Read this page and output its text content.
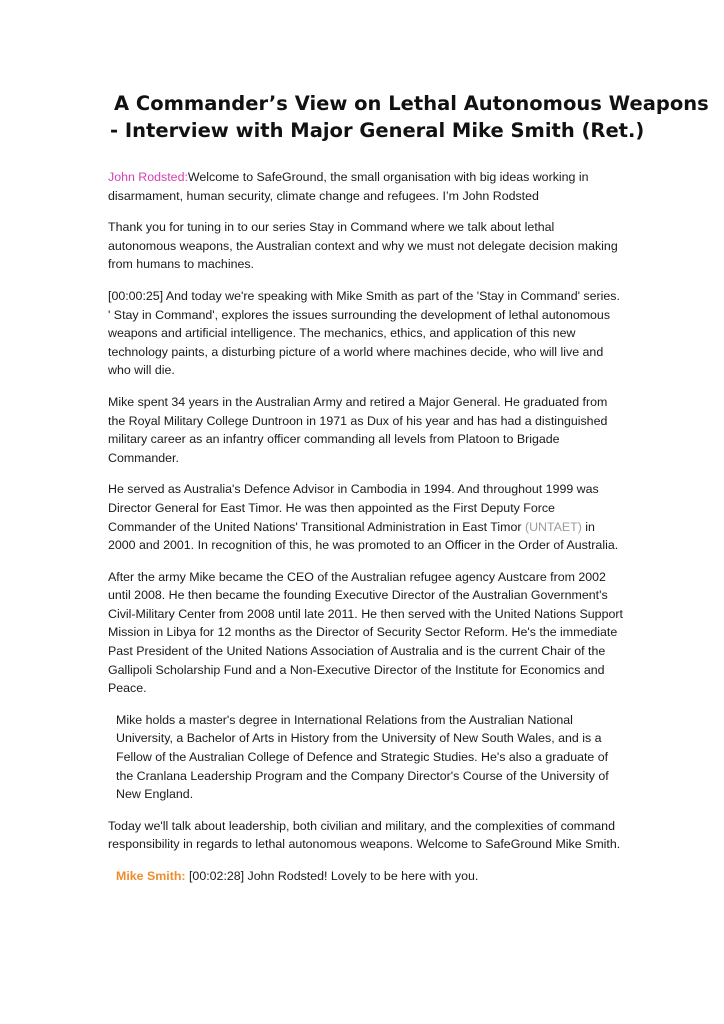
A Commander’s View on Lethal Autonomous Weapons
- Interview with Major General Mike Smith (Ret.)

John Rodsted:Welcome to SafeGround, the small organisation with big ideas working in disarmament, human security, climate change and refugees. I’m John Rodsted

Thank you for tuning in to our series Stay in Command where we talk about lethal autonomous weapons, the Australian context and why we must not delegate decision making from humans to machines.

[00:00:25] And today we're speaking with Mike Smith as part of the 'Stay in Command' series. ' Stay in Command', explores the issues surrounding the development of lethal autonomous weapons and artificial intelligence. The mechanics, ethics, and application of this new technology paints, a disturbing picture of a world where machines decide, who will live and who will die.

Mike spent 34 years in the Australian Army and retired a Major General. He graduated from the Royal Military College Duntroon in 1971 as Dux of his year and has had a distinguished military career as an infantry officer commanding all levels from Platoon to Brigade Commander.

He served as Australia's Defence Advisor in Cambodia in 1994. And throughout 1999 was Director General for East Timor. He was then appointed as the First Deputy Force Commander of the United Nations' Transitional Administration in East Timor (UNTAET) in 2000 and 2001. In recognition of this, he was promoted to an Officer in the Order of Australia.

After the army Mike became the CEO of the Australian refugee agency Austcare from 2002 until 2008. He then became the founding Executive Director of the Australian Government's Civil-Military Center from 2008 until late 2011. He then served with the United Nations Support Mission in Libya for 12 months as the Director of Security Sector Reform. He's the immediate Past President of the United Nations Association of Australia and is the current Chair of the Gallipoli Scholarship Fund and a Non-Executive Director of the Institute for Economics and Peace.

Mike holds a master's degree in International Relations from the Australian National University, a Bachelor of Arts in History from the University of New South Wales, and is a Fellow of the Australian College of Defence and Strategic Studies. He's also a graduate of the Cranlana Leadership Program and the Company Director's Course of the University of New England.

Today we'll talk about leadership, both civilian and military, and the complexities of command responsibility in regards to lethal autonomous weapons. Welcome to SafeGround Mike Smith.

Mike Smith: [00:02:28] John Rodsted! Lovely to be here with you.
